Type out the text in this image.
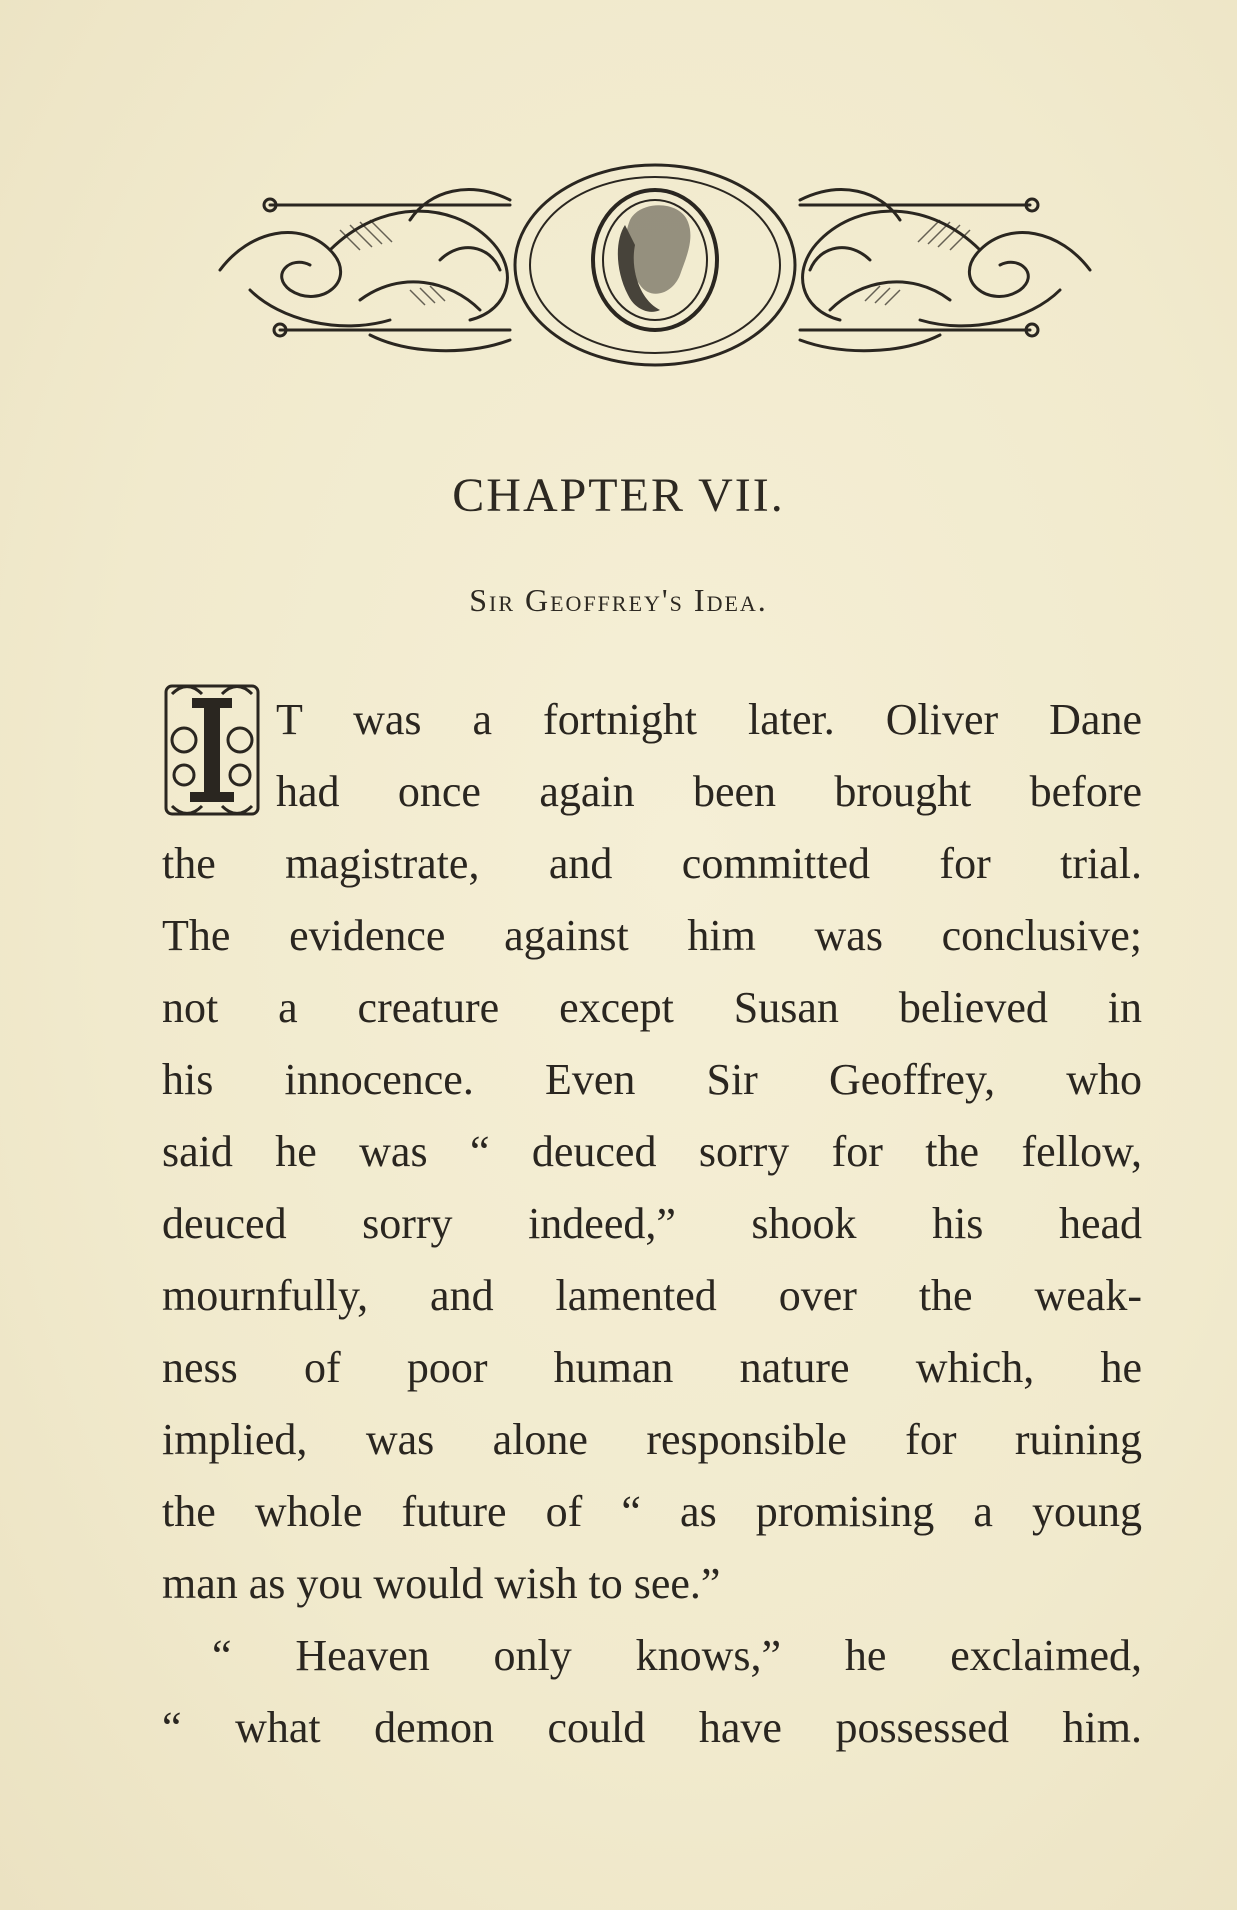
CHAPTER VII.
Sir Geoffrey's Idea.
T was a fortnight later. Oliver Dane
had once again been brought before
the magistrate, and committed for trial.
The evidence against him was conclusive;
not a creature except Susan believed in
his innocence. Even Sir Geoffrey, who
said he was “ deuced sorry for the fellow,
deuced sorry indeed,” shook his head
mournfully, and lamented over the weak-
ness of poor human nature which, he
implied, was alone responsible for ruining
the whole future of “ as promising a young
man as you would wish to see.”
“ Heaven only knows,” he exclaimed,
“ what demon could have possessed him.
